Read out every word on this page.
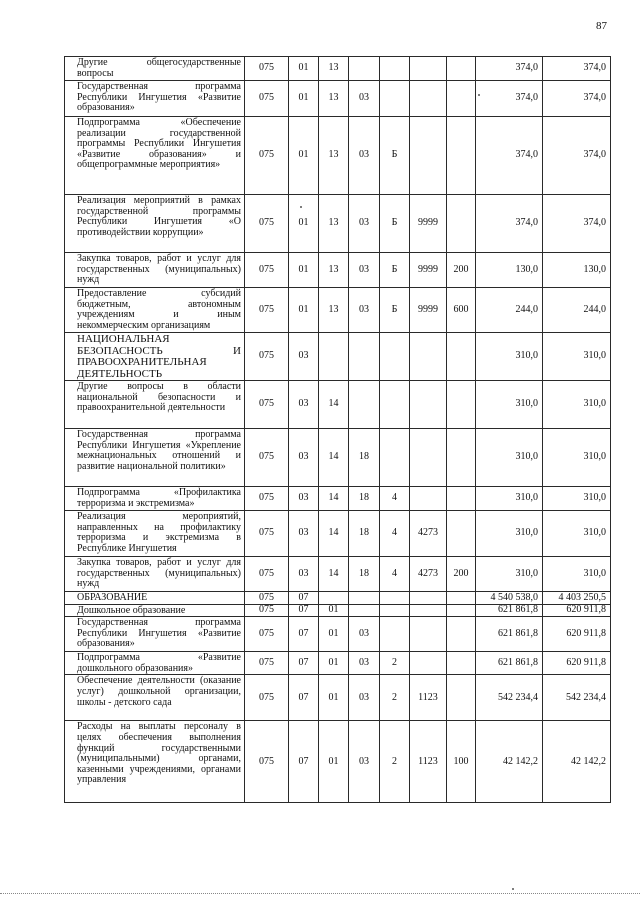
87
Другие общегосударственные вопросы	075	01	13					374,0	374,0
Государственная программа Республики Ингушетия «Развитие образования»	075	01	13	03				374,0	374,0
Подпрограмма «Обеспечение реализации государственной программы Республики Ингушетия «Развитие образования» и общепрограммные мероприятия»	075	01	13	03	Б			374,0	374,0
Реализация мероприятий в рамках государственной программы Республики Ингушетия «О противодействии коррупции»	075	01	13	03	Б	9999		374,0	374,0
Закупка товаров, работ и услуг для государственных (муниципальных) нужд	075	01	13	03	Б	9999	200	130,0	130,0
Предоставление субсидий бюджетным, автономным учреждениям и иным некоммерческим организациям	075	01	13	03	Б	9999	600	244,0	244,0
НАЦИОНАЛЬНАЯ БЕЗОПАСНОСТЬ И ПРАВООХРАНИТЕЛЬНАЯ ДЕЯТЕЛЬНОСТЬ	075	03						310,0	310,0
Другие вопросы в области национальной безопасности и правоохранительной деятельности	075	03	14					310,0	310,0
Государственная программа Республики Ингушетия «Укрепление межнациональных отношений и развитие национальной политики»	075	03	14	18				310,0	310,0
Подпрограмма «Профилактика терроризма и экстремизма»	075	03	14	18	4			310,0	310,0
Реализация мероприятий, направленных на профилактику терроризма и экстремизма в Республике Ингушетия	075	03	14	18	4	4273		310,0	310,0
Закупка товаров, работ и услуг для государственных (муниципальных) нужд	075	03	14	18	4	4273	200	310,0	310,0
ОБРАЗОВАНИЕ	075	07						4 540 538,0	4 403 250,5
Дошкольное образование	075	07	01					621 861,8	620 911,8
Государственная программа Республики Ингушетия «Развитие образования»	075	07	01	03				621 861,8	620 911,8
Подпрограмма «Развитие дошкольного образования»	075	07	01	03	2			621 861,8	620 911,8
Обеспечение деятельности (оказание услуг) дошкольной организации, школы - детского сада	075	07	01	03	2	1123		542 234,4	542 234,4
Расходы на выплаты персоналу в целях обеспечения выполнения функций государственными (муниципальными) органами, казенными учреждениями, органами управления	075	07	01	03	2	1123	100	42 142,2	42 142,2
